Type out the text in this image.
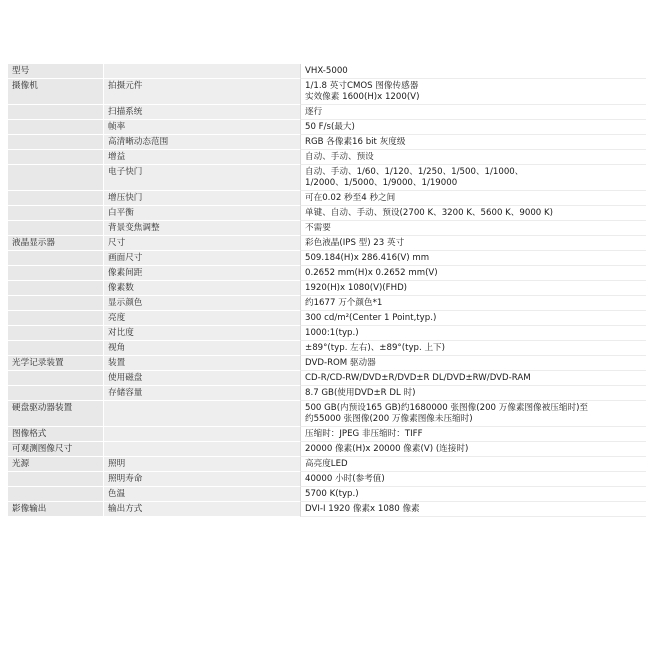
型号		VHX-5000

摄像机	拍摄元件	1/1.8 英寸CMOS 图像传感器
实效像素 1600(H)x 1200(V)

	扫描系统	逐行

	帧率	50 F/s(最大)

	高清晰动态范围	RGB 各像素16 bit 灰度级

	增益	自动、手动、预设

	电子快门	自动、手动、1/60、1/120、1/250、1/500、1/1000、
1/2000、1/5000、1/9000、1/19000

	增压快门	可在0.02 秒至4 秒之间

	白平衡	单键、自动、手动、预设(2700 K、3200 K、5600 K、9000 K)

	背景变焦调整	不需要

液晶显示器	尺寸	彩色液晶(IPS 型) 23 英寸

	画面尺寸	509.184(H)x 286.416(V) mm

	像素间距	0.2652 mm(H)x 0.2652 mm(V)

	像素数	1920(H)x 1080(V)(FHD)

	显示颜色	约1677 万个颜色*1

	亮度	300 cd/m²(Center 1 Point,typ.)

	对比度	1000:1(typ.)

	视角	±89°(typ. 左右)、±89°(typ. 上下)

光学记录装置	装置	DVD-ROM 驱动器

	使用磁盘	CD-R/CD-RW/DVD±R/DVD±R DL/DVD±RW/DVD-RAM

	存储容量	8.7 GB(使用DVD±R DL 时)

硬盘驱动器装置		500 GB(内预设165 GB)约1680000 张图像(200 万像素图像被压缩时)至
约55000 张图像(200 万像素图像未压缩时)

图像格式		压缩时：JPEG 非压缩时：TIFF

可观测图像尺寸		20000 像素(H)x 20000 像素(V) (连接时)

光源	照明	高亮度LED

	照明寿命	40000 小时(参考值)

	色温	5700 K(typ.)

影像输出	输出方式	DVI-I 1920 像素x 1080 像素
